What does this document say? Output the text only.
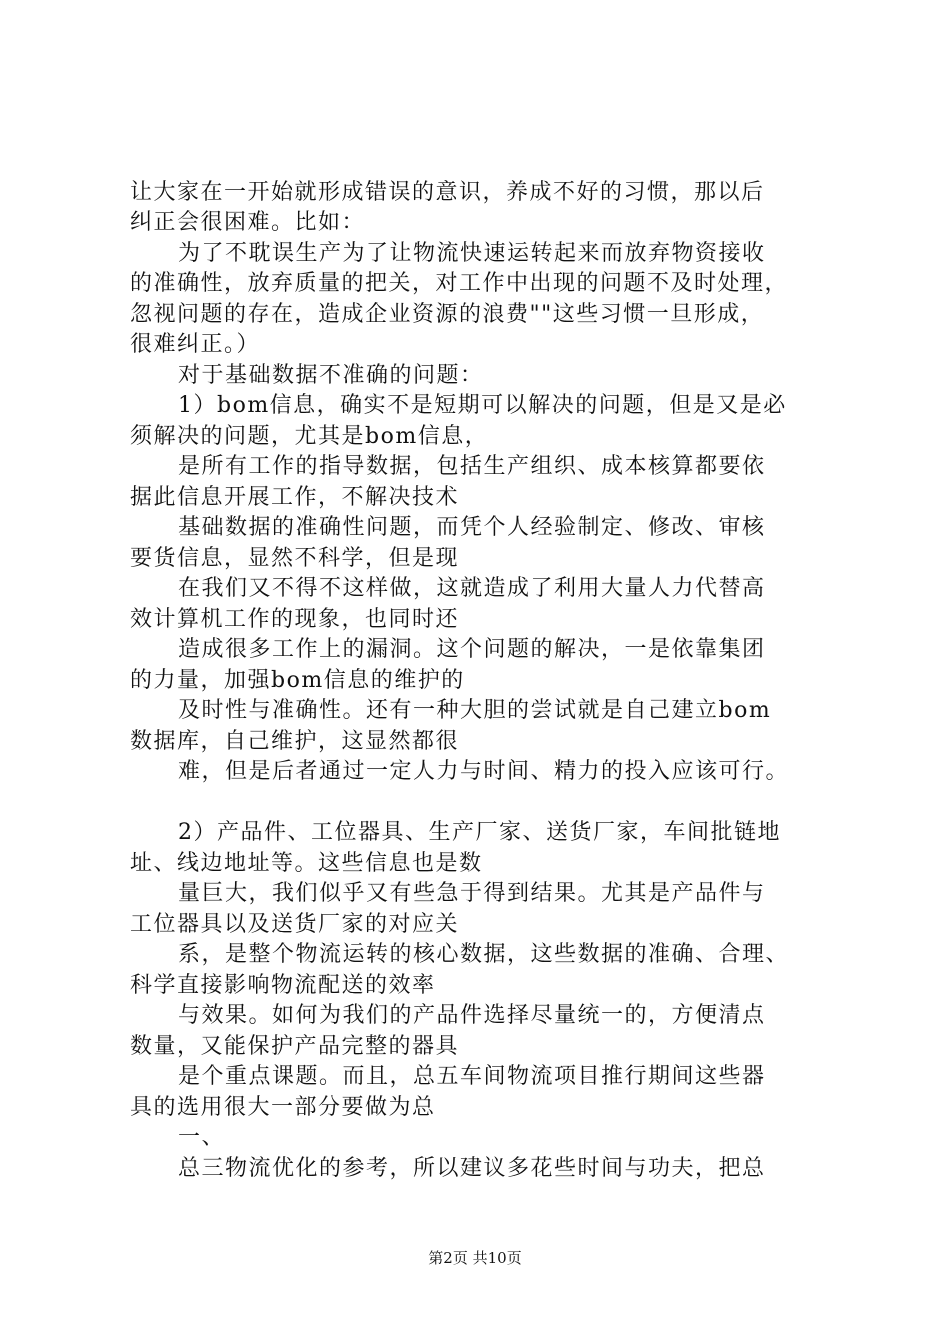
让大家在一开始就形成错误的意识，养成不好的习惯，那以后
纠正会很困难。比如：
为了不耽误生产为了让物流快速运转起来而放弃物资接收
的准确性，放弃质量的把关，对工作中出现的问题不及时处理，
忽视问题的存在，造成企业资源的浪费""这些习惯一旦形成，
很难纠正。）
对于基础数据不准确的问题：
1）bom信息，确实不是短期可以解决的问题，但是又是必
须解决的问题，尤其是bom信息，
是所有工作的指导数据，包括生产组织、成本核算都要依
据此信息开展工作，不解决技术
基础数据的准确性问题，而凭个人经验制定、修改、审核
要货信息，显然不科学，但是现
在我们又不得不这样做，这就造成了利用大量人力代替高
效计算机工作的现象，也同时还
造成很多工作上的漏洞。这个问题的解决，一是依靠集团
的力量，加强bom信息的维护的
及时性与准确性。还有一种大胆的尝试就是自己建立bom
数据库，自己维护，这显然都很
难，但是后者通过一定人力与时间、精力的投入应该可行。
2）产品件、工位器具、生产厂家、送货厂家，车间批链地
址、线边地址等。这些信息也是数
量巨大，我们似乎又有些急于得到结果。尤其是产品件与
工位器具以及送货厂家的对应关
系，是整个物流运转的核心数据，这些数据的准确、合理、
科学直接影响物流配送的效率
与效果。如何为我们的产品件选择尽量统一的，方便清点
数量，又能保护产品完整的器具
是个重点课题。而且，总五车间物流项目推行期间这些器
具的选用很大一部分要做为总
一、
总三物流优化的参考，所以建议多花些时间与功夫，把总
第2页 共10页
